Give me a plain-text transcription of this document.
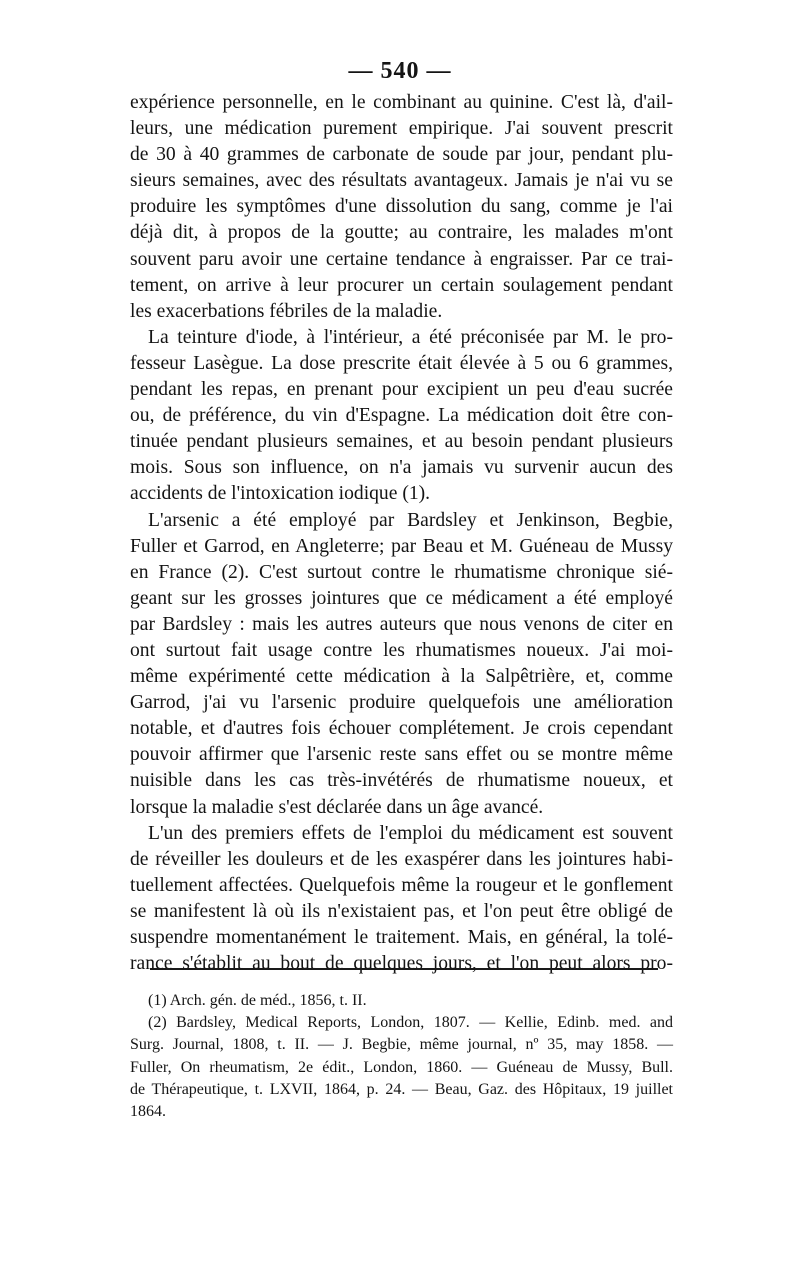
— 540 —
expérience personnelle, en le combinant au quinine. C'est là, d'ail-
leurs, une médication purement empirique. J'ai souvent prescrit
de 30 à 40 grammes de carbonate de soude par jour, pendant plu-
sieurs semaines, avec des résultats avantageux. Jamais je n'ai vu se
produire les symptômes d'une dissolution du sang, comme je l'ai
déjà dit, à propos de la goutte; au contraire, les malades m'ont
souvent paru avoir une certaine tendance à engraisser. Par ce trai-
tement, on arrive à leur procurer un certain soulagement pendant
les exacerbations fébriles de la maladie.
La teinture d'iode, à l'intérieur, a été préconisée par M. le pro-
fesseur Lasègue. La dose prescrite était élevée à 5 ou 6 grammes,
pendant les repas, en prenant pour excipient un peu d'eau sucrée
ou, de préférence, du vin d'Espagne. La médication doit être con-
tinuée pendant plusieurs semaines, et au besoin pendant plusieurs
mois. Sous son influence, on n'a jamais vu survenir aucun des
accidents de l'intoxication iodique (1).
L'arsenic a été employé par Bardsley et Jenkinson, Begbie,
Fuller et Garrod, en Angleterre; par Beau et M. Guéneau de Mussy
en France (2). C'est surtout contre le rhumatisme chronique sié-
geant sur les grosses jointures que ce médicament a été employé
par Bardsley : mais les autres auteurs que nous venons de citer en
ont surtout fait usage contre les rhumatismes noueux. J'ai moi-
même expérimenté cette médication à la Salpêtrière, et, comme
Garrod, j'ai vu l'arsenic produire quelquefois une amélioration
notable, et d'autres fois échouer complétement. Je crois cependant
pouvoir affirmer que l'arsenic reste sans effet ou se montre même
nuisible dans les cas très-invétérés de rhumatisme noueux, et
lorsque la maladie s'est déclarée dans un âge avancé.
L'un des premiers effets de l'emploi du médicament est souvent
de réveiller les douleurs et de les exaspérer dans les jointures habi-
tuellement affectées. Quelquefois même la rougeur et le gonflement
se manifestent là où ils n'existaient pas, et l'on peut être obligé de
suspendre momentanément le traitement. Mais, en général, la tolé-
rance s'établit au bout de quelques jours, et l'on peut alors pro-
(1) Arch. gén. de méd., 1856, t. II.
(2) Bardsley, Medical Reports, London, 1807. — Kellie, Edinb. med. and
Surg. Journal, 1808, t. II. — J. Begbie, même journal, nº 35, may 1858. —
Fuller, On rheumatism, 2e édit., London, 1860. — Guéneau de Mussy, Bull.
de Thérapeutique, t. LXVII, 1864, p. 24. — Beau, Gaz. des Hôpitaux, 19 juillet
1864.
